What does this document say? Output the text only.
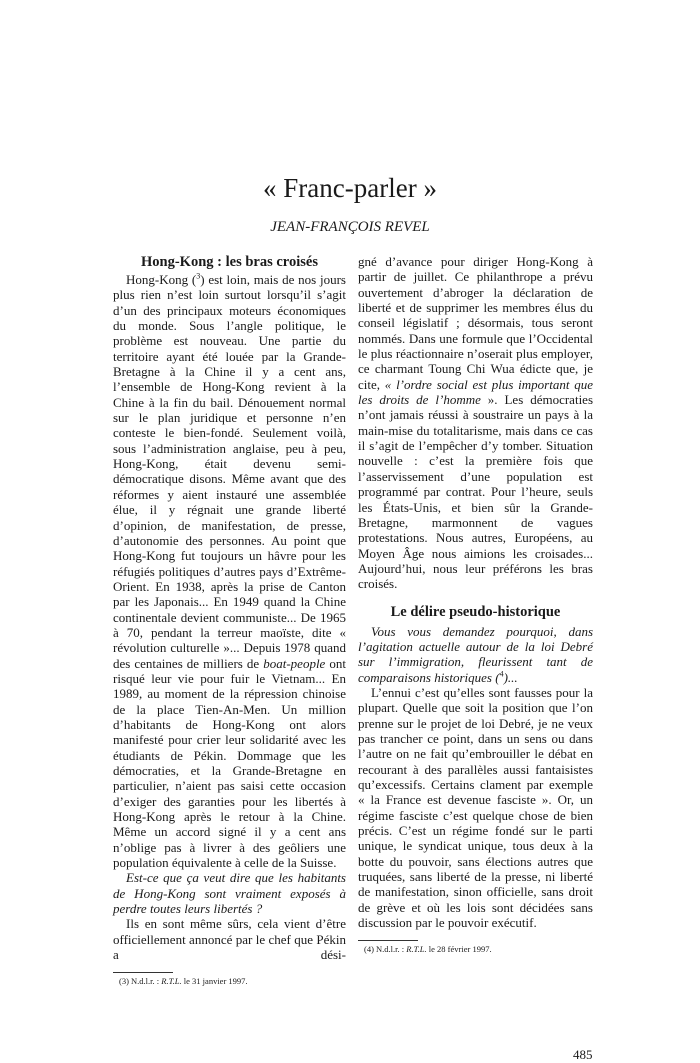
« Franc-parler »
JEAN-FRANÇOIS REVEL
Hong-Kong : les bras croisés

Hong-Kong ($^3$) est loin, mais de nos jours plus rien n’est loin surtout lorsqu’il s’agit d’un des principaux moteurs économiques du monde. Sous l’angle politique, le problème est nouveau. Une partie du territoire ayant été louée par la Grande-Bretagne à la Chine il y a cent ans, l’ensemble de Hong-Kong revient à la Chine à la fin du bail. Dénouement normal sur le plan juridique et personne n’en conteste le bien-fondé. Seulement voilà, sous l’administration anglaise, peu à peu, Hong-Kong, était devenu semi-démocratique disons. Même avant que des réformes y aient instauré une assemblée élue, il y régnait une grande liberté d’opinion, de manifestation, de presse, d’autonomie des personnes. Au point que Hong-Kong fut toujours un hâvre pour les réfugiés politiques d’autres pays d’Extrême-Orient. En 1938, après la prise de Canton par les Japonais... En 1949 quand la Chine continentale devient communiste... De 1965 à 70, pendant la terreur maoïste, dite « révolution culturelle »... Depuis 1978 quand des centaines de milliers de boat-people ont risqué leur vie pour fuir le Vietnam... En 1989, au moment de la répression chinoise de la place Tien-An-Men. Un million d’habitants de Hong-Kong ont alors manifesté pour crier leur solidarité avec les étudiants de Pékin. Dommage que les démocraties, et la Grande-Bretagne en particulier, n’aient pas saisi cette occasion d’exiger des garanties pour les libertés à Hong-Kong après le retour à la Chine. Même un accord signé il y a cent ans n’oblige pas à livrer à des geôliers une population équivalente à celle de la Suisse.

Est-ce que ça veut dire que les habitants de Hong-Kong sont vraiment exposés à perdre toutes leurs libertés ?

Ils en sont même sûrs, cela vient d’être officiellement annoncé par le chef que Pékin a dési-

(3) N.d.l.r. : R.T.L. le 31 janvier 1997.

gné d’avance pour diriger Hong-Kong à partir de juillet. Ce philanthrope a prévu ouvertement d’abroger la déclaration de liberté et de supprimer les membres élus du conseil législatif ; désormais, tous seront nommés. Dans une formule que l’Occidental le plus réactionnaire n’oserait plus employer, ce charmant Toung Chi Wua édicte que, je cite, « l’ordre social est plus important que les droits de l’homme ». Les démocraties n’ont jamais réussi à soustraire un pays à la main-mise du totalitarisme, mais dans ce cas il s’agit de l’empêcher d’y tomber. Situation nouvelle : c’est la première fois que l’asservissement d’une population est programmé par contrat. Pour l’heure, seuls les États-Unis, et bien sûr la Grande-Bretagne, marmonnent de vagues protestations. Nous autres, Européens, au Moyen Âge nous aimions les croisades... Aujourd’hui, nous leur préférons les bras croisés.

Le délire pseudo-historique

Vous vous demandez pourquoi, dans l’agitation actuelle autour de la loi Debré sur l’immigration, fleurissent tant de comparaisons historiques ($^4$)...

L’ennui c’est qu’elles sont fausses pour la plupart. Quelle que soit la position que l’on prenne sur le projet de loi Debré, je ne veux pas trancher ce point, dans un sens ou dans l’autre on ne fait qu’embrouiller le débat en recourant à des parallèles aussi fantaisistes qu’excessifs. Certains clament par exemple « la France est devenue fasciste ». Or, un régime fasciste c’est quelque chose de bien précis. C’est un régime fondé sur le parti unique, le syndicat unique, tous deux à la botte du pouvoir, sans élections autres que truquées, sans liberté de la presse, ni liberté de manifestation, sinon officielle, sans droit de grève et où les lois sont décidées sans discussion par le pouvoir exécutif.

(4) N.d.l.r. : R.T.L. le 28 février 1997.
485
